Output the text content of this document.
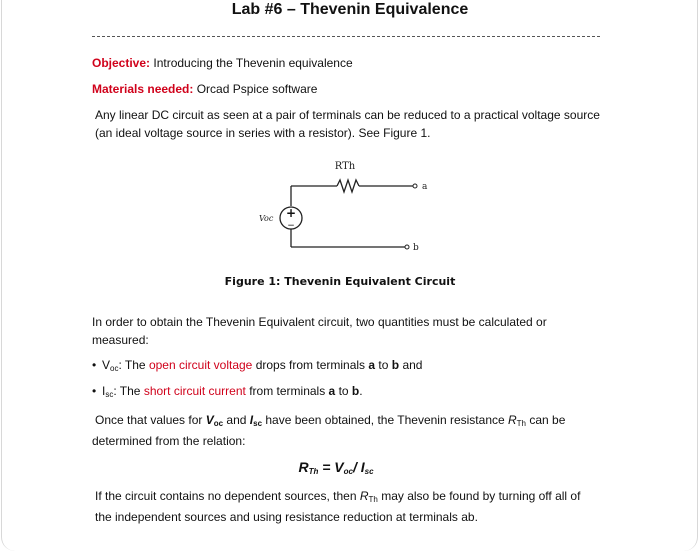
Lab #6 – Thevenin Equivalence
Objective: Introducing the Thevenin equivalence
Materials needed: Orcad Pspice software
Any linear DC circuit as seen at a pair of terminals can be reduced to a practical voltage source
(an ideal voltage source in series with a resistor). See Figure 1.
RTh
a
+
−
Voc
b
Figure 1: Thevenin Equivalent Circuit
In order to obtain the Thevenin Equivalent circuit, two quantities must be calculated or
measured:
• $V_{oc}$: The open circuit voltage drops from terminals a to b and
• $I_{sc}$: The short circuit current from terminals a to b.
Once that values for $V_{oc}$ and $I_{sc}$ have been obtained, the Thevenin resistance $R_{Th}$ can be
determined from the relation:
$R_{Th} = V_{oc}/$ $I_{sc}$
If the circuit contains no dependent sources, then $R_{Th}$ may also be found by turning off all of
the independent sources and using resistance reduction at terminals ab.
